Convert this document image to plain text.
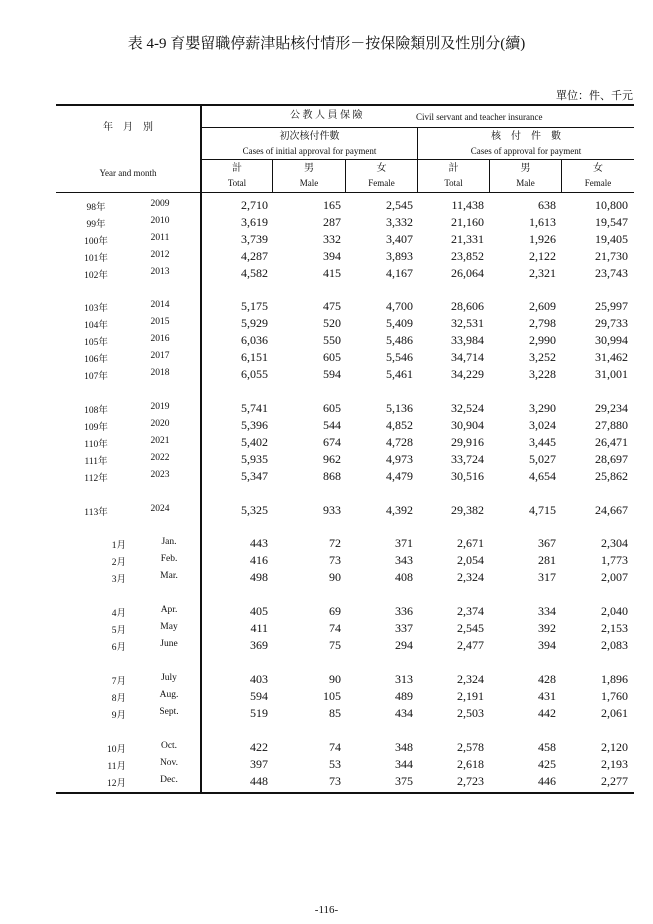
表 4-9 育嬰留職停薪津貼核付情形－按保險類別及性別分(續)
單位：件、千元
年　月　別
Year and month
公 教 人 員 保 險	Civil servant and teacher insurance
初次核付件數
Cases of initial approval for payment
核　付　件　數
Cases of approval for payment
計
Total
男
Male
女
Female
計
Total
男
Male
女
Female
98年	2009	2,710	165	2,545	11,438	638	10,800
99年	2010	3,619	287	3,332	21,160	1,613	19,547
100年	2011	3,739	332	3,407	21,331	1,926	19,405
101年	2012	4,287	394	3,893	23,852	2,122	21,730
102年	2013	4,582	415	4,167	26,064	2,321	23,743
103年	2014	5,175	475	4,700	28,606	2,609	25,997
104年	2015	5,929	520	5,409	32,531	2,798	29,733
105年	2016	6,036	550	5,486	33,984	2,990	30,994
106年	2017	6,151	605	5,546	34,714	3,252	31,462
107年	2018	6,055	594	5,461	34,229	3,228	31,001
108年	2019	5,741	605	5,136	32,524	3,290	29,234
109年	2020	5,396	544	4,852	30,904	3,024	27,880
110年	2021	5,402	674	4,728	29,916	3,445	26,471
111年	2022	5,935	962	4,973	33,724	5,027	28,697
112年	2023	5,347	868	4,479	30,516	4,654	25,862
113年	2024	5,325	933	4,392	29,382	4,715	24,667
1月	Jan.	443	72	371	2,671	367	2,304
2月	Feb.	416	73	343	2,054	281	1,773
3月	Mar.	498	90	408	2,324	317	2,007
4月	Apr.	405	69	336	2,374	334	2,040
5月	May	411	74	337	2,545	392	2,153
6月	June	369	75	294	2,477	394	2,083
7月	July	403	90	313	2,324	428	1,896
8月	Aug.	594	105	489	2,191	431	1,760
9月	Sept.	519	85	434	2,503	442	2,061
10月	Oct.	422	74	348	2,578	458	2,120
11月	Nov.	397	53	344	2,618	425	2,193
12月	Dec.	448	73	375	2,723	446	2,277
-116-
